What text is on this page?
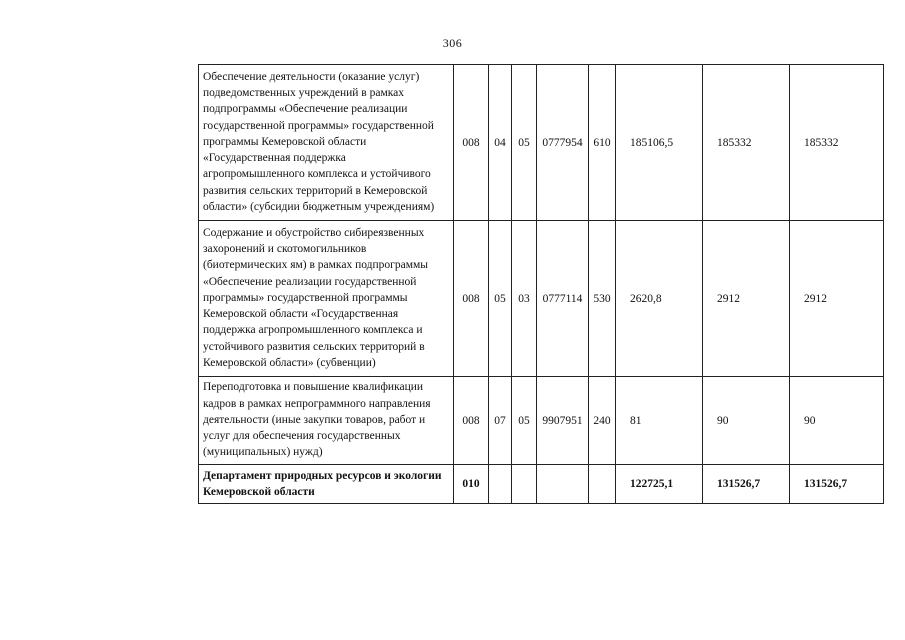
306
Обеспечение деятельности (оказание услуг) подведомственных учреждений в рамках подпрограммы «Обеспечение реализации государственной программы» государственной программы Кемеровской области «Государственная поддержка агропромышленного комплекса и устойчивого развития сельских территорий в Кемеровской области» (субсидии бюджетным учреждениям)	008	04	05	0777954	610	185106,5	185332	185332
Содержание и обустройство сибиреязвенных захоронений и скотомогильников (биотермических ям) в рамках подпрограммы «Обеспечение реализации государственной программы» государственной программы Кемеровской области «Государственная поддержка агропромышленного комплекса и устойчивого развития сельских территорий в Кемеровской области» (субвенции)	008	05	03	0777114	530	2620,8	2912	2912
Переподготовка и повышение квалификации кадров в рамках непрограммного направления деятельности (иные закупки товаров, работ и услуг для обеспечения государственных (муниципальных) нужд)	008	07	05	9907951	240	81	90	90
Департамент природных ресурсов и экологии Кемеровской области	010					122725,1	131526,7	131526,7
